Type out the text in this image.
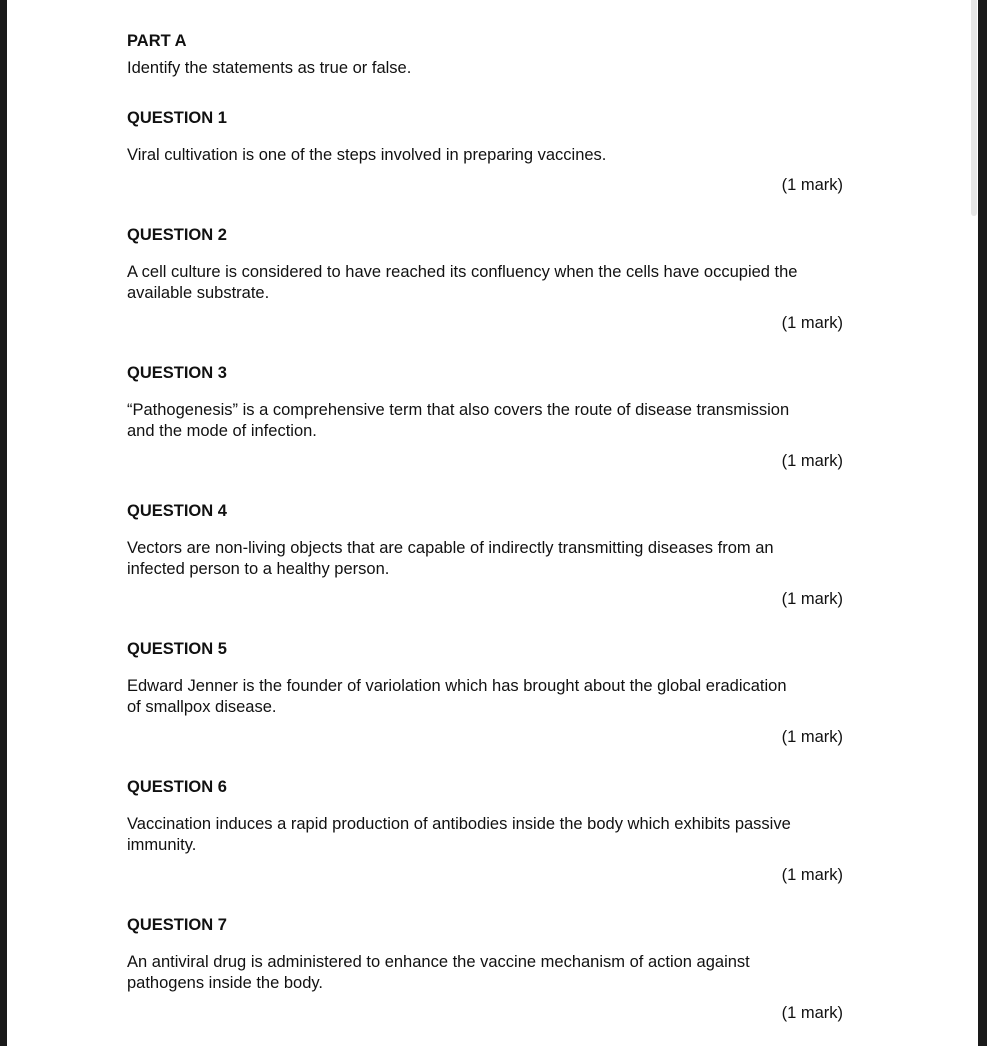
PART A
Identify the statements as true or false.
QUESTION 1
Viral cultivation is one of the steps involved in preparing vaccines.
(1 mark)
QUESTION 2
A cell culture is considered to have reached its confluency when the cells have occupied the
available substrate.
(1 mark)
QUESTION 3
“Pathogenesis” is a comprehensive term that also covers the route of disease transmission
and the mode of infection.
(1 mark)
QUESTION 4
Vectors are non-living objects that are capable of indirectly transmitting diseases from an
infected person to a healthy person.
(1 mark)
QUESTION 5
Edward Jenner is the founder of variolation which has brought about the global eradication
of smallpox disease.
(1 mark)
QUESTION 6
Vaccination induces a rapid production of antibodies inside the body which exhibits passive
immunity.
(1 mark)
QUESTION 7
An antiviral drug is administered to enhance the vaccine mechanism of action against
pathogens inside the body.
(1 mark)
